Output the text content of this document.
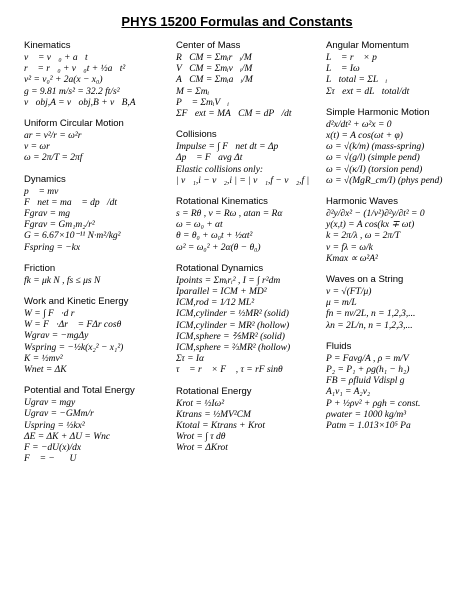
PHYS 15200 Formulas and Constants
Kinematics
v⃗ = v⃗₀ + a⃗t
r⃗ = r⃗₀ + v⃗₀t + ½a⃗t²
v² = v₀² + 2a(x − x₀)
g = 9.81 m/s² = 32.2 ft/s²
v⃗obj,A = v⃗obj,B + v⃗B,A
Uniform Circular Motion
ar = v²/r = ω²r
v = ωr
ω = 2π/T = 2πf
Dynamics
p⃗ = mv⃗
F⃗net = ma⃗ = dp⃗/dt
Fgrav = mg
Fgrav = Gm₁m₂/r²
G = 6.67×10⁻¹¹ N·m²/kg²
Fspring = −kx
Friction
fk = μk N , fs ≤ μs N
Work and Kinetic Energy
W = ∫ F⃗·d r⃗
W = F⃗·Δr⃗ = FΔr cosθ
Wgrav = −mgΔy
Wspring = −½k(x₂² − x₁²)
K = ½mv²
Wnet = ΔK
Potential and Total Energy
Ugrav = mgy
Ugrav = −GMm/r
Uspring = ½kx²
ΔE = ΔK + ΔU = Wnc
F = −dU(x)/dx
F⃗ = −∇⃗U
Center of Mass
R⃗CM = Σmᵢr⃗ᵢ/M
V⃗CM = Σmᵢv⃗ᵢ/M
A⃗CM = Σmᵢa⃗ᵢ/M
M = Σmᵢ
P⃗ = ΣmᵢV⃗ᵢ
ΣF⃗ext = MA⃗CM = dP⃗/dt
Collisions
Impulse = ∫ F⃗net dt = Δp⃗
Δp⃗ = F⃗avg Δt
Elastic collisions only:
| v⃗₁,i − v⃗₂,i | = | v⃗₁,f − v⃗₂,f |
Rotational Kinematics
s = Rθ , v = Rω , atan = Rα
ω = ω₀ + αt
θ = θ₀ + ω₀t + ½αt²
ω² = ω₀² + 2α(θ − θ₀)
Rotational Dynamics
Ipoints = Σmᵢrᵢ² , I = ∫ r²dm
Iparallel = ICM + MD²
ICM,rod = 1⁄12 ML²
ICM,cylinder = ½MR² (solid)
ICM,cylinder = MR² (hollow)
ICM,sphere = ⅖MR² (solid)
ICM,sphere = ⅔MR² (hollow)
Στ = Iα
τ⃗ = r⃗ × F⃗ , τ = rF sinθ
Rotational Energy
Krot = ½Iω²
Ktrans = ½MV²CM
Ktotal = Ktrans + Krot
Wrot = ∫ τ dθ
Wrot = ΔKrot
Angular Momentum
L⃗ = r⃗ × p⃗
L⃗ = Iω⃗
L⃗total = ΣL⃗ᵢ
Στ⃗ext = dL⃗total/dt
Simple Harmonic Motion
d²x/dt² + ω²x = 0
x(t) = A cos(ωt + φ)
ω = √(k/m) (mass-spring)
ω = √(g/l) (simple pend)
ω = √(κ/I) (torsion pend)
ω = √(MgR_cm/I) (phys pend)
Harmonic Waves
∂²y/∂x² − (1/v²)∂²y/∂t² = 0
y(x,t) = A cos(kx ∓ ωt)
k = 2π/λ , ω = 2π/T
v = fλ = ω/k
Kmax ∝ ω²A²
Waves on a String
v = √(FT/μ)
μ = m/L
fn = nv/2L, n = 1,2,3,...
λn = 2L/n, n = 1,2,3,...
Fluids
P = Favg/A , ρ = m/V
P₂ = P₁ + ρg(h₁ − h₂)
FB = ρfluid Vdispl g
A₁v₁ = A₂v₂
P + ½ρv² + ρgh = const.
ρwater = 1000 kg/m³
Patm = 1.013×10⁵ Pa
